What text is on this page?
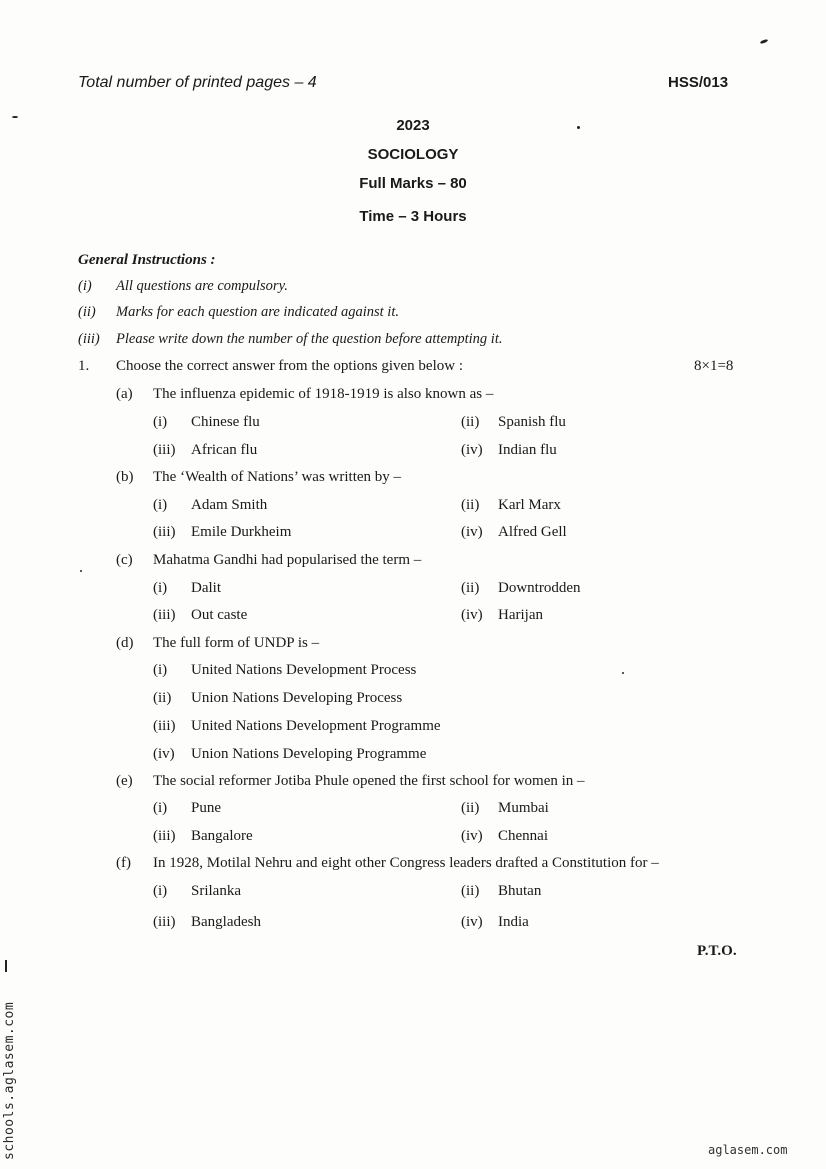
Total number of printed pages – 4	HSS/013
2023
SOCIOLOGY
Full Marks – 80
Time – 3 Hours
General Instructions :
(i) All questions are compulsory.
(ii) Marks for each question are indicated against it.
(iii) Please write down the number of the question before attempting it.
1. Choose the correct answer from the options given below :	8×1=8
(a) The influenza epidemic of 1918-1919 is also known as –
(i) Chinese flu	(ii) Spanish flu
(iii) African flu	(iv) Indian flu
(b) The ‘Wealth of Nations’ was written by –
(i) Adam Smith	(ii) Karl Marx
(iii) Emile Durkheim	(iv) Alfred Gell
(c) Mahatma Gandhi had popularised the term –
(i) Dalit	(ii) Downtrodden
(iii) Out caste	(iv) Harijan
(d) The full form of UNDP is –
(i) United Nations Development Process
(ii) Union Nations Developing Process
(iii) United Nations Development Programme
(iv) Union Nations Developing Programme
(e) The social reformer Jotiba Phule opened the first school for women in –
(i) Pune	(ii) Mumbai
(iii) Bangalore	(iv) Chennai
(f) In 1928, Motilal Nehru and eight other Congress leaders drafted a Constitution for –
(i) Srilanka	(ii) Bhutan
(iii) Bangladesh	(iv) India
P.T.O.
schools.aglasem.com	aglasem.com
